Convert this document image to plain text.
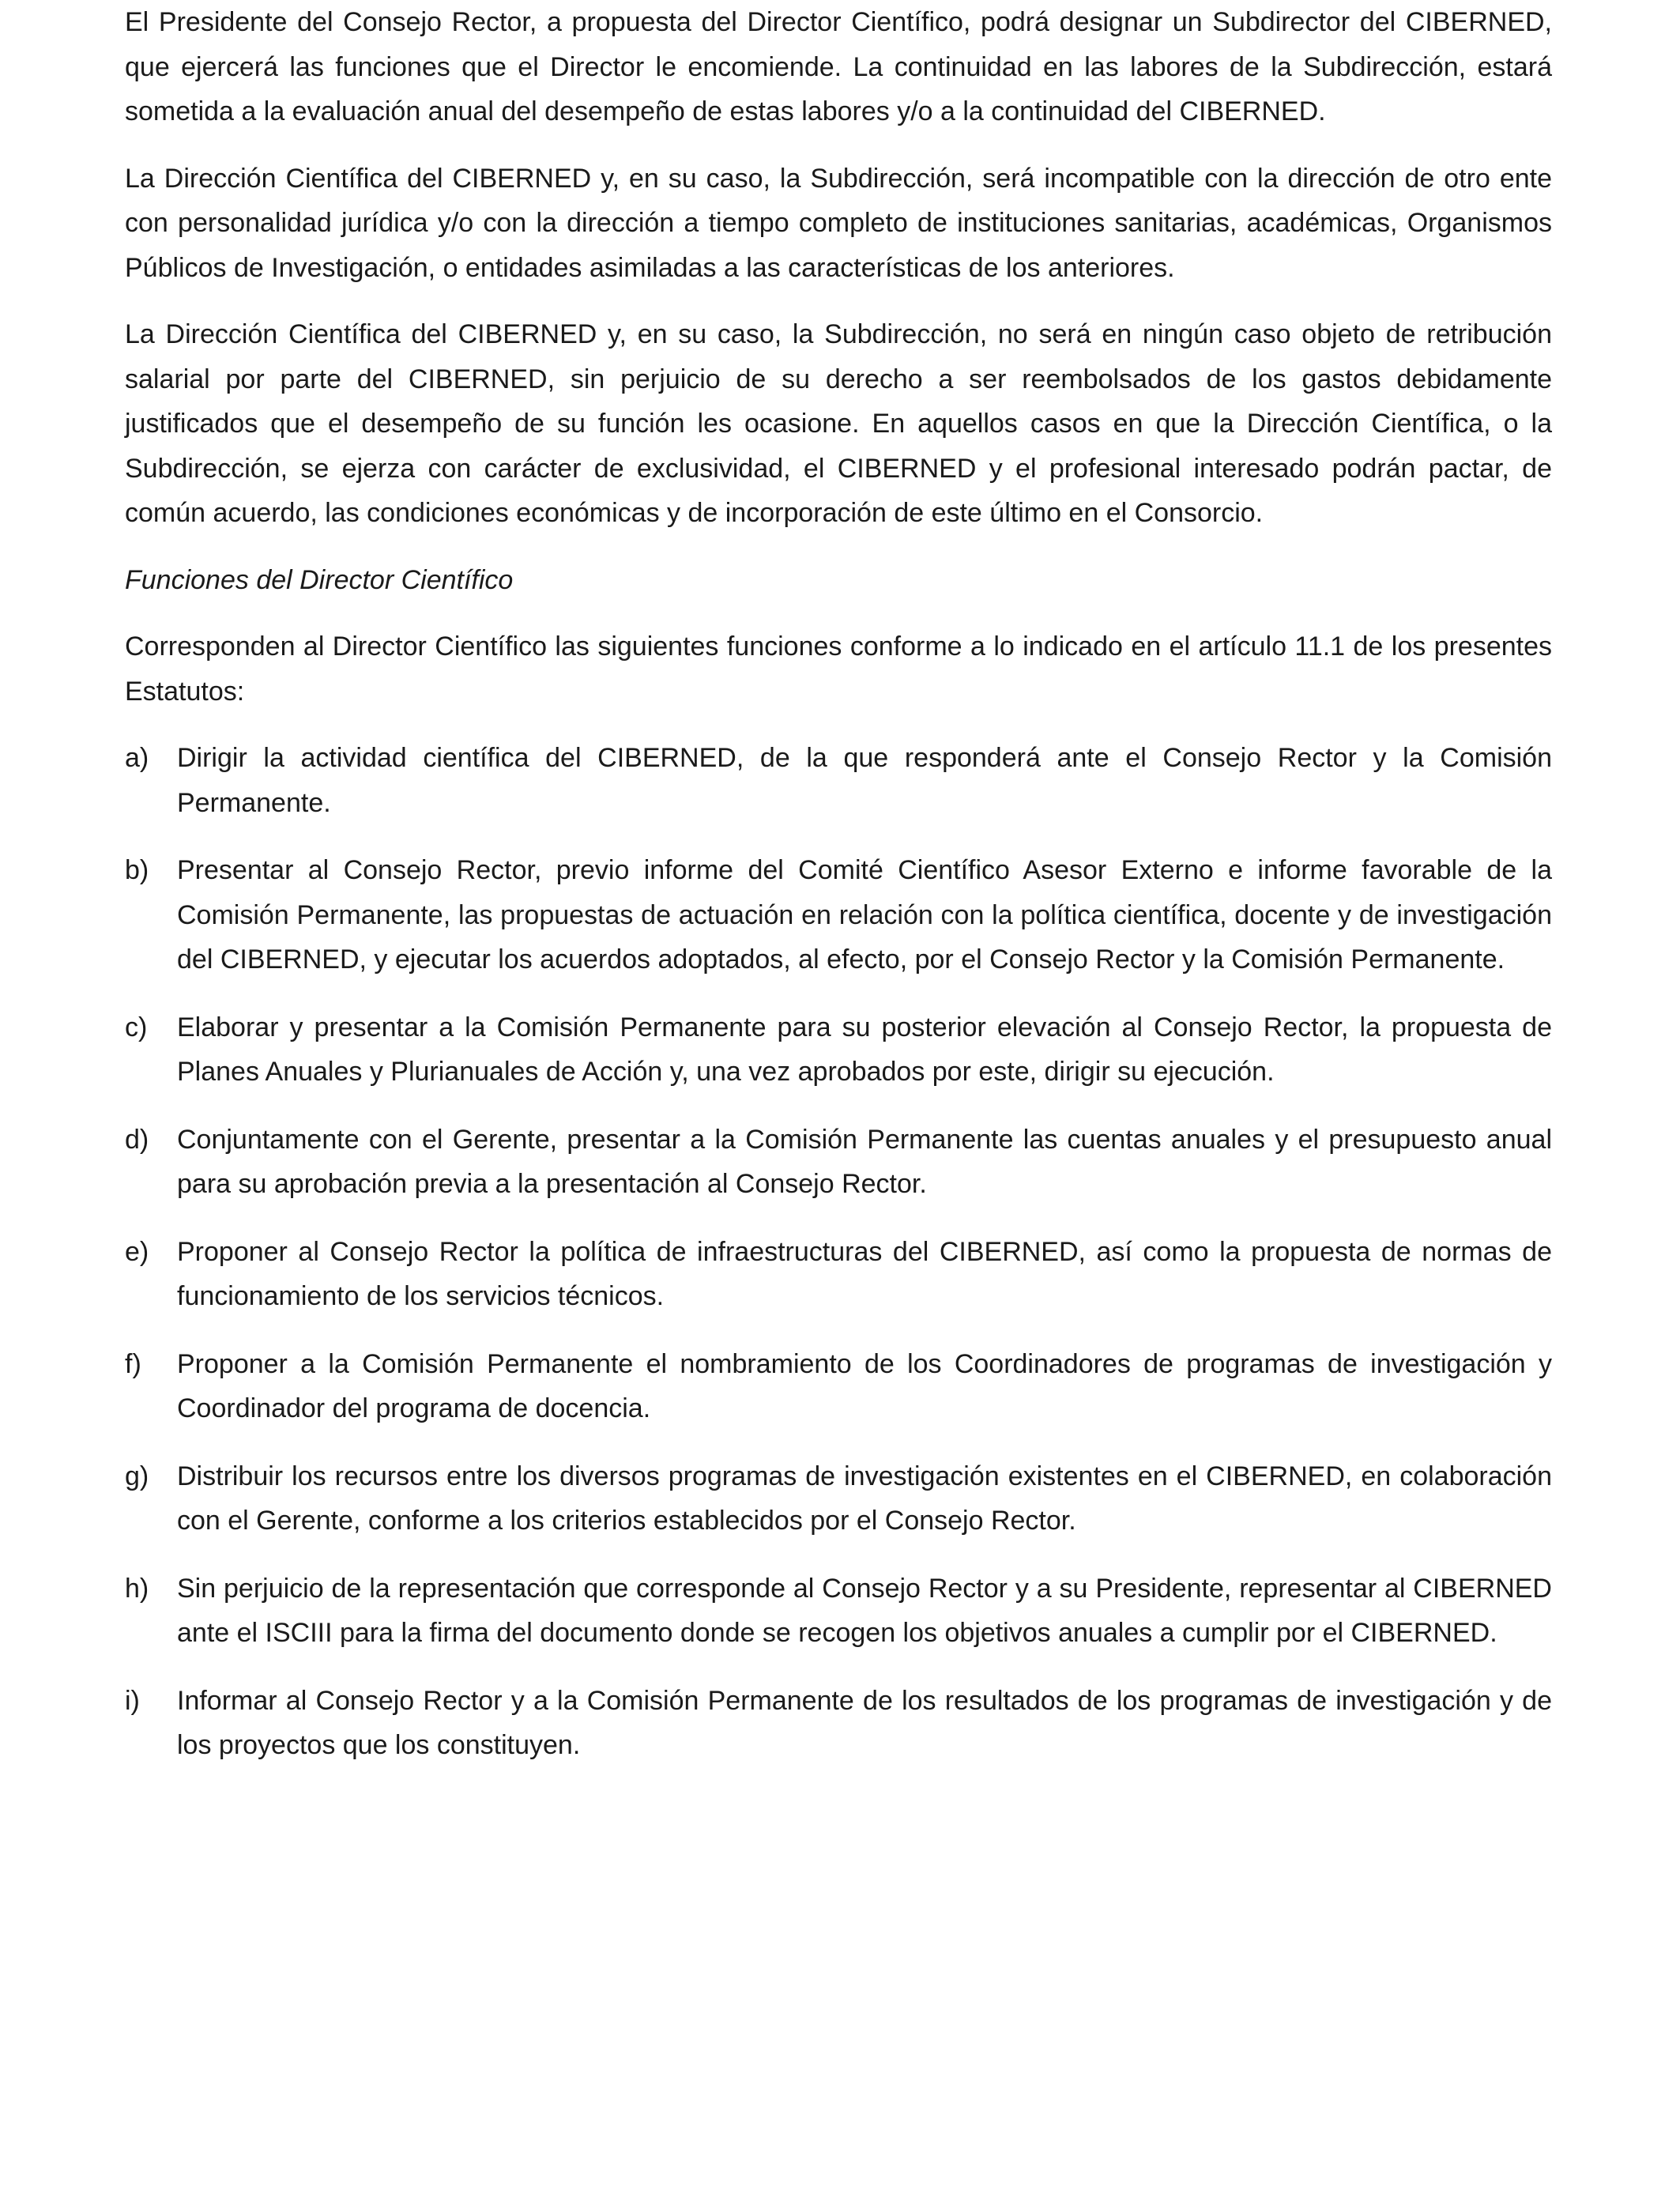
El Presidente del Consejo Rector, a propuesta del Director Científico, podrá designar un Subdirector del CIBERNED, que ejercerá las funciones que el Director le encomiende. La continuidad en las labores de la Subdirección, estará sometida a la evaluación anual del desempeño de estas labores y/o a la continuidad del CIBERNED.

La Dirección Científica del CIBERNED y, en su caso, la Subdirección, será incompatible con la dirección de otro ente con personalidad jurídica y/o con la dirección a tiempo completo de instituciones sanitarias, académicas, Organismos Públicos de Investigación, o entidades asimiladas a las características de los anteriores.

La Dirección Científica del CIBERNED y, en su caso, la Subdirección, no será en ningún caso objeto de retribución salarial por parte del CIBERNED, sin perjuicio de su derecho a ser reembolsados de los gastos debidamente justificados que el desempeño de su función les ocasione. En aquellos casos en que la Dirección Científica, o la Subdirección, se ejerza con carácter de exclusividad, el CIBERNED y el profesional interesado podrán pactar, de común acuerdo, las condiciones económicas y de incorporación de este último en el Consorcio.

Funciones del Director Científico

Corresponden al Director Científico las siguientes funciones conforme a lo indicado en el artículo 11.1 de los presentes Estatutos:

a)	Dirigir la actividad científica del CIBERNED, de la que responderá ante el Consejo Rector y la Comisión Permanente.
b)	Presentar al Consejo Rector, previo informe del Comité Científico Asesor Externo e informe favorable de la Comisión Permanente, las propuestas de actuación en relación con la política científica, docente y de investigación del CIBERNED, y ejecutar los acuerdos adoptados, al efecto, por el Consejo Rector y la Comisión Permanente.
c)	Elaborar y presentar a la Comisión Permanente para su posterior elevación al Consejo Rector, la propuesta de Planes Anuales y Plurianuales de Acción y, una vez aprobados por este, dirigir su ejecución.
d)	Conjuntamente con el Gerente, presentar a la Comisión Permanente las cuentas anuales y el presupuesto anual para su aprobación previa a la presentación al Consejo Rector.
e)	Proponer al Consejo Rector la política de infraestructuras del CIBERNED, así como la propuesta de normas de funcionamiento de los servicios técnicos.
f)	Proponer a la Comisión Permanente el nombramiento de los Coordinadores de programas de investigación y Coordinador del programa de docencia.
g)	Distribuir los recursos entre los diversos programas de investigación existentes en el CIBERNED, en colaboración con el Gerente, conforme a los criterios establecidos por el Consejo Rector.
h)	Sin perjuicio de la representación que corresponde al Consejo Rector y a su Presidente, representar al CIBERNED ante el ISCIII para la firma del documento donde se recogen los objetivos anuales a cumplir por el CIBERNED.
i)	Informar al Consejo Rector y a la Comisión Permanente de los resultados de los programas de investigación y de los proyectos que los constituyen.
